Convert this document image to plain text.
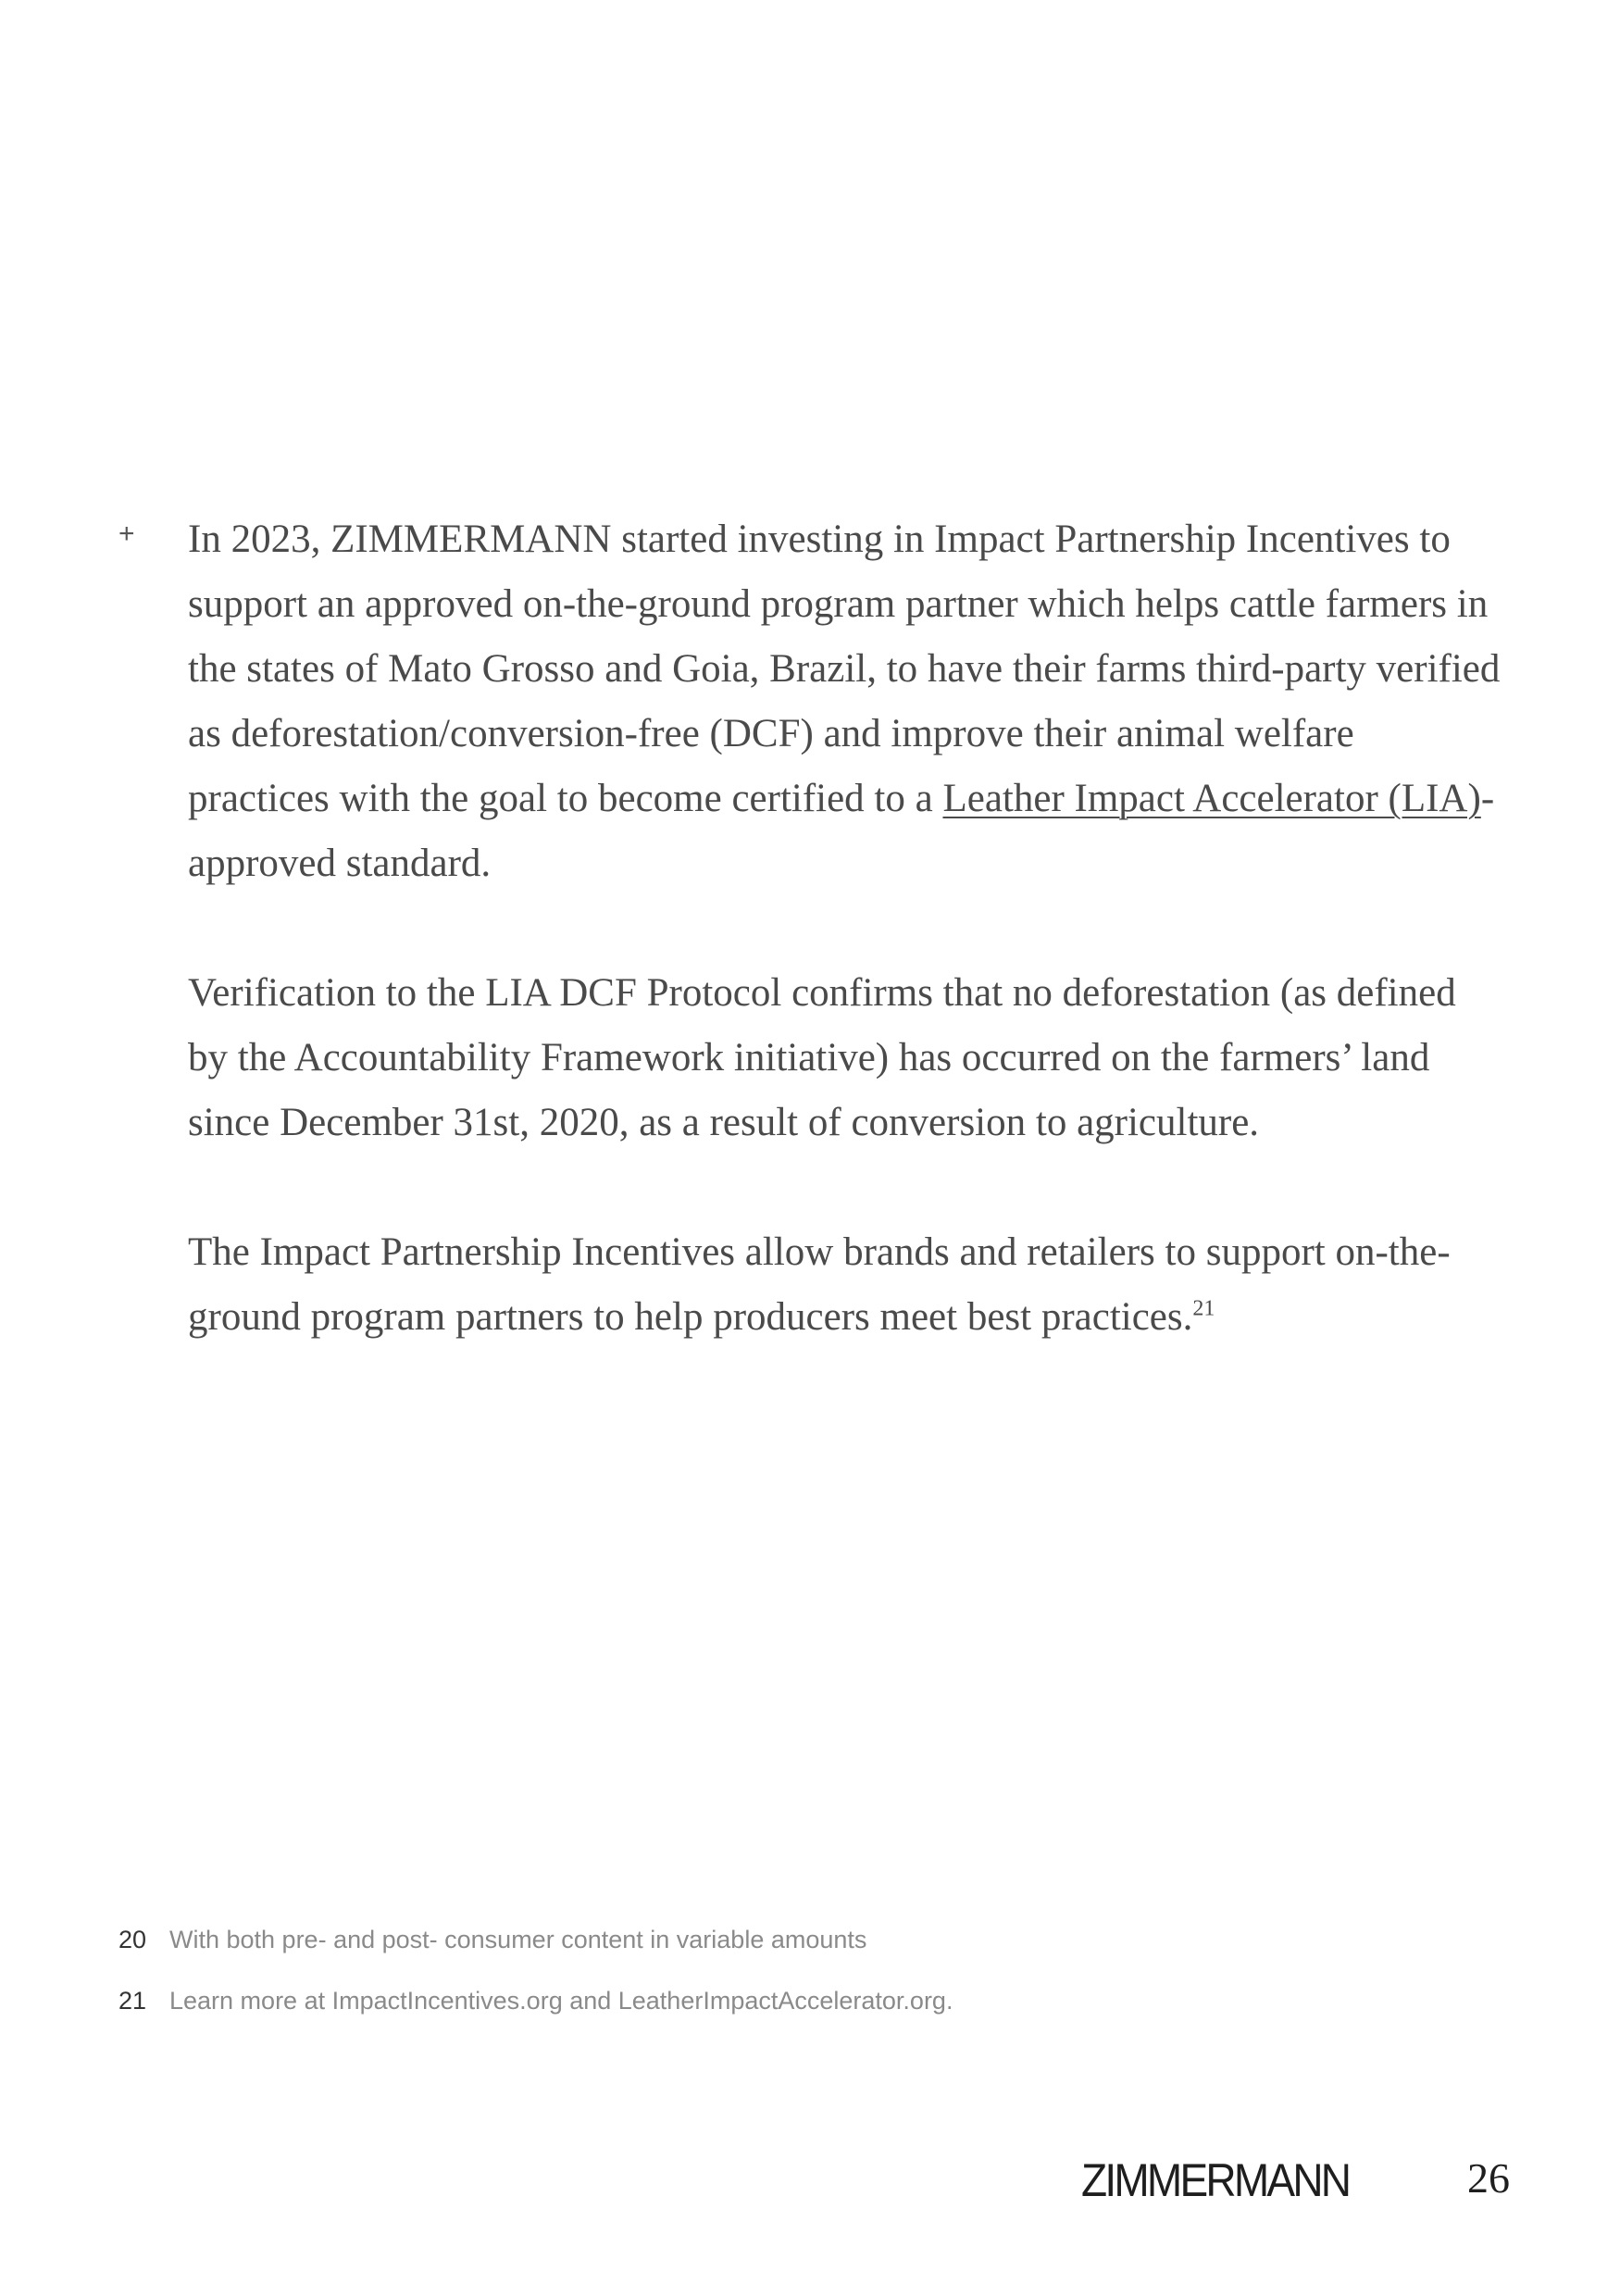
+ In 2023, ZIMMERMANN started investing in Impact Partnership Incentives to support an approved on-the-ground program partner which helps cattle farmers in the states of Mato Grosso and Goia, Brazil, to have their farms third-party verified as deforestation/conversion-free (DCF) and improve their animal welfare practices with the goal to become certified to a Leather Impact Accelerator (LIA)-approved standard.

Verification to the LIA DCF Protocol confirms that no deforestation (as defined by the Accountability Framework initiative) has occurred on the farmers’ land since December 31st, 2020, as a result of conversion to agriculture.

The Impact Partnership Incentives allow brands and retailers to support on-the-ground program partners to help producers meet best practices.$^{21}$

20 With both pre- and post- consumer content in variable amounts
21 Learn more at ImpactIncentives.org and LeatherImpactAccelerator.org.
ZIMMERMANN	26
